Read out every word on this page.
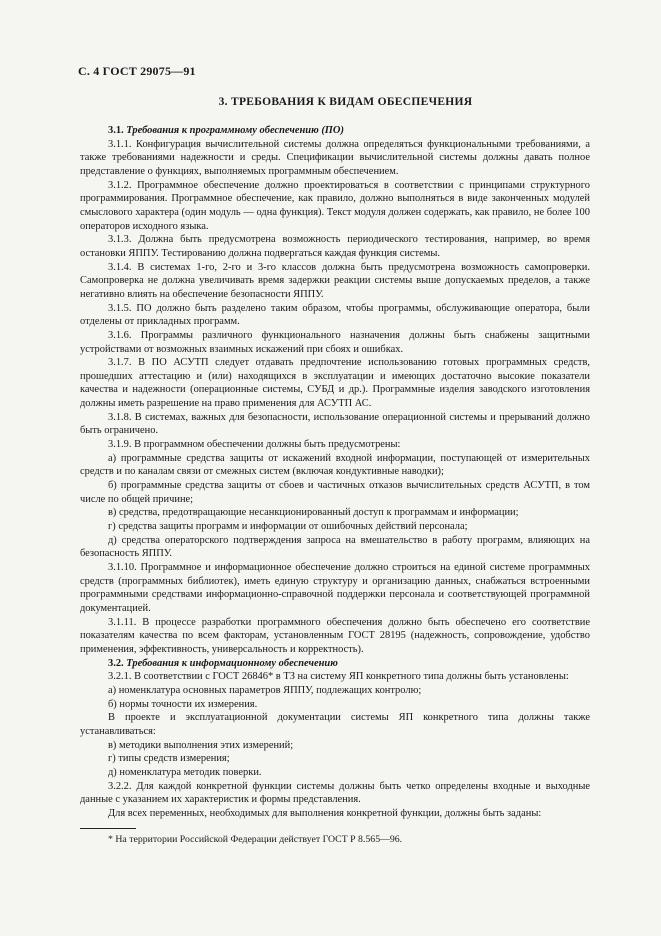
С. 4 ГОСТ 29075—91
3. ТРЕБОВАНИЯ К ВИДАМ ОБЕСПЕЧЕНИЯ

3.1. Требования к программному обеспечению (ПО)

3.1.1. Конфигурация вычислительной системы должна определяться функциональными требованиями, а также требованиями надежности и среды. Спецификации вычислительной системы должны давать полное представление о функциях, выполняемых программным обеспечением.

3.1.2. Программное обеспечение должно проектироваться в соответствии с принципами структурного программирования. Программное обеспечение, как правило, должно выполняться в виде законченных модулей смыслового характера (один модуль — одна функция). Текст модуля должен содержать, как правило, не более 100 операторов исходного языка.

3.1.3. Должна быть предусмотрена возможность периодического тестирования, например, во время остановки ЯППУ. Тестированию должна подвергаться каждая функция системы.

3.1.4. В системах 1-го, 2-го и 3-го классов должна быть предусмотрена возможность самопроверки. Самопроверка не должна увеличивать время задержки реакции системы выше допускаемых пределов, а также негативно влиять на обеспечение безопасности ЯППУ.

3.1.5. ПО должно быть разделено таким образом, чтобы программы, обслуживающие оператора, были отделены от прикладных программ.

3.1.6. Программы различного функционального назначения должны быть снабжены защитными устройствами от возможных взаимных искажений при сбоях и ошибках.

3.1.7. В ПО АСУТП следует отдавать предпочтение использованию готовых программных средств, прошедших аттестацию и (или) находящихся в эксплуатации и имеющих достаточно высокие показатели качества и надежности (операционные системы, СУБД и др.). Программные изделия заводского изготовления должны иметь разрешение на право применения для АСУТП АС.

3.1.8. В системах, важных для безопасности, использование операционной системы и прерываний должно быть ограничено.

3.1.9. В программном обеспечении должны быть предусмотрены:

а) программные средства защиты от искажений входной информации, поступающей от измерительных средств и по каналам связи от смежных систем (включая кондуктивные наводки);

б) программные средства защиты от сбоев и частичных отказов вычислительных средств АСУТП, в том числе по общей причине;

в) средства, предотвращающие несанкционированный доступ к программам и информации;

г) средства защиты программ и информации от ошибочных действий персонала;

д) средства операторского подтверждения запроса на вмешательство в работу программ, влияющих на безопасность ЯППУ.

3.1.10. Программное и информационное обеспечение должно строиться на единой системе программных средств (программных библиотек), иметь единую структуру и организацию данных, снабжаться встроенными программными средствами информационно-справочной поддержки персонала и соответствующей программной документацией.

3.1.11. В процессе разработки программного обеспечения должно быть обеспечено его соответствие показателям качества по всем факторам, установленным ГОСТ 28195 (надежность, сопровождение, удобство применения, эффективность, универсальность и корректность).

3.2. Требования к информационному обеспечению

3.2.1. В соответствии с ГОСТ 26846* в ТЗ на систему ЯП конкретного типа должны быть установлены:

а) номенклатура основных параметров ЯППУ, подлежащих контролю;

б) нормы точности их измерения.

В проекте и эксплуатационной документации системы ЯП конкретного типа должны также устанавливаться:

в) методики выполнения этих измерений;

г) типы средств измерения;

д) номенклатура методик поверки.

3.2.2. Для каждой конкретной функции системы должны быть четко определены входные и выходные данные с указанием их характеристик и формы представления.

Для всех переменных, необходимых для выполнения конкретной функции, должны быть заданы:

* На территории Российской Федерации действует ГОСТ Р 8.565—96.
